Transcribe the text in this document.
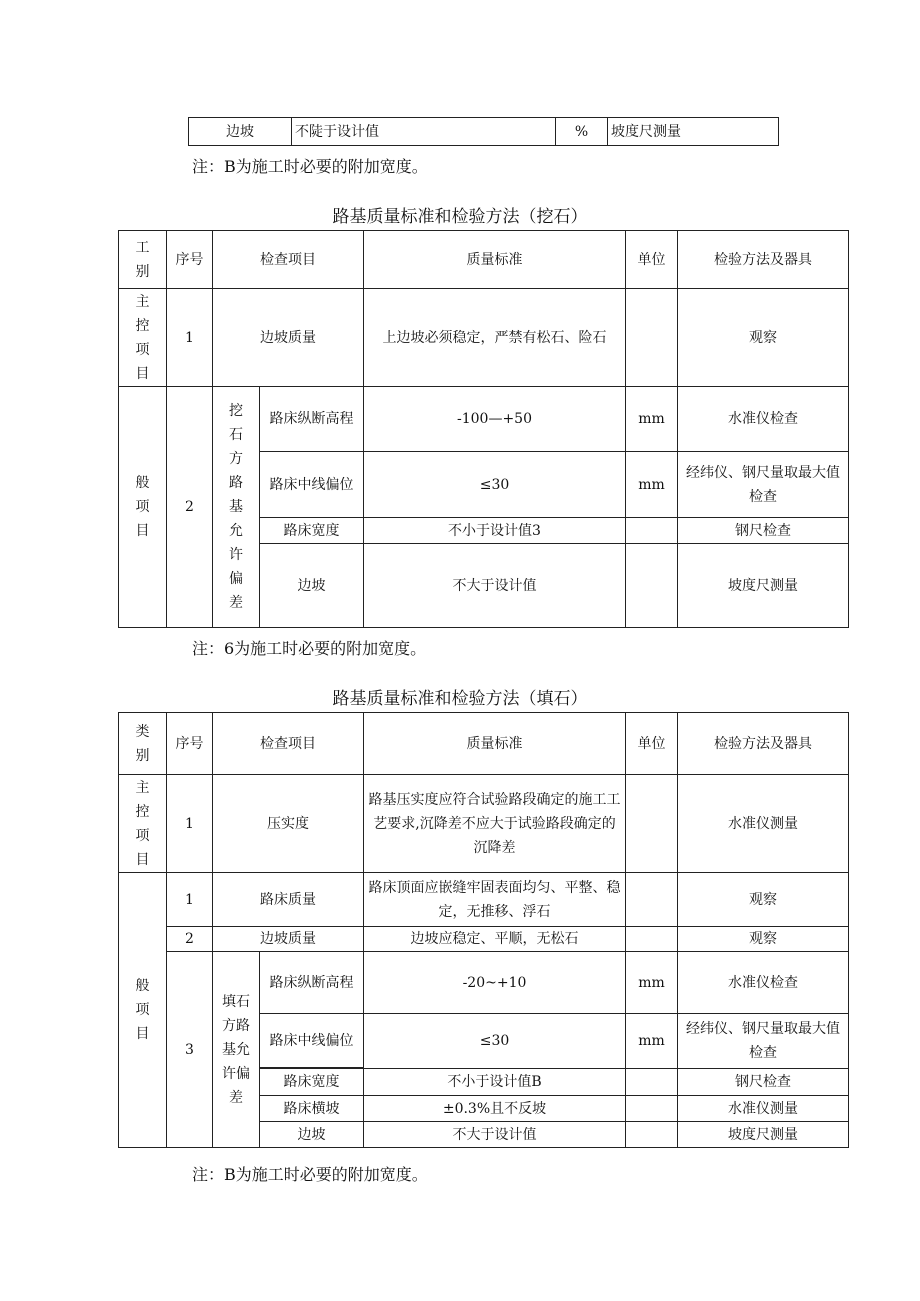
边坡	不陡于设计值	%	坡度尺测量
注：B为施工时必要的附加宽度。
路基质量标准和检验方法（挖石）
工别	序号	检查项目		质量标准	单位	检验方法及器具
主控项目	1	边坡质量		上边坡必须稳定，严禁有松石、险石		观察
般项目	2	挖石方路基允许偏差	路床纵断高程	-100—+50	mm	水准仪检查
			路床中线偏位	≤30	mm	经纬仪、钢尺量取最大值检查
			路床宽度	不小于设计值3		钢尺检查
			边坡	不大于设计值		坡度尺测量
注：6为施工时必要的附加宽度。
路基质量标准和检验方法（填石）
类别	序号	检查项目		质量标准	单位	检验方法及器具
主控项目	1	压实度		路基压实度应符合试验路段确定的施工工艺要求,沉降差不应大于试验路段确定的沉降差		水准仪测量
般项目	1	路床质量		路床顶面应嵌缝牢固表面均匀、平整、稳定，无推移、浮石		观察
	2	边坡质量		边坡应稳定、平顺，无松石		观察
	3	填石方路基允许偏差	路床纵断高程	-20~+10	mm	水准仪检查
			路床中线偏位	≤30	mm	经纬仪、钢尺量取最大值检查

			路床宽度	不小于设计值B		钢尺检查
			路床横坡	±0.3%且不反坡		水准仪测量
			边坡	不大于设计值		坡度尺测量
注：B为施工时必要的附加宽度。
